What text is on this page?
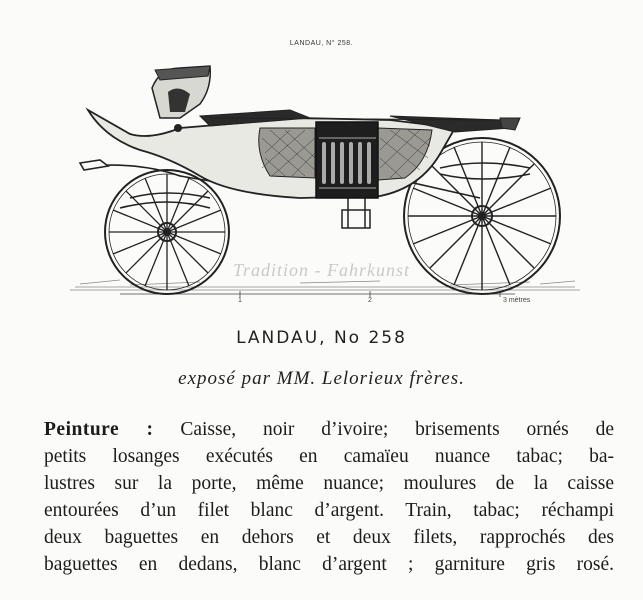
LANDAU, N° 258.
1	2	3 mètres
Tradition - Fahrkunst
LANDAU, No 258
exposé par MM. Lelorieux frères.
Peinture : Caisse, noir d’ivoire; brisements ornés de
petits losanges exécutés en camaïeu nuance tabac; ba-
lustres sur la porte, même nuance; moulures de la caisse
entourées d’un filet blanc d’argent. Train, tabac; réchampi
deux baguettes en dehors et deux filets, rapprochés des
baguettes en dedans, blanc d’argent ; garniture gris rosé.
